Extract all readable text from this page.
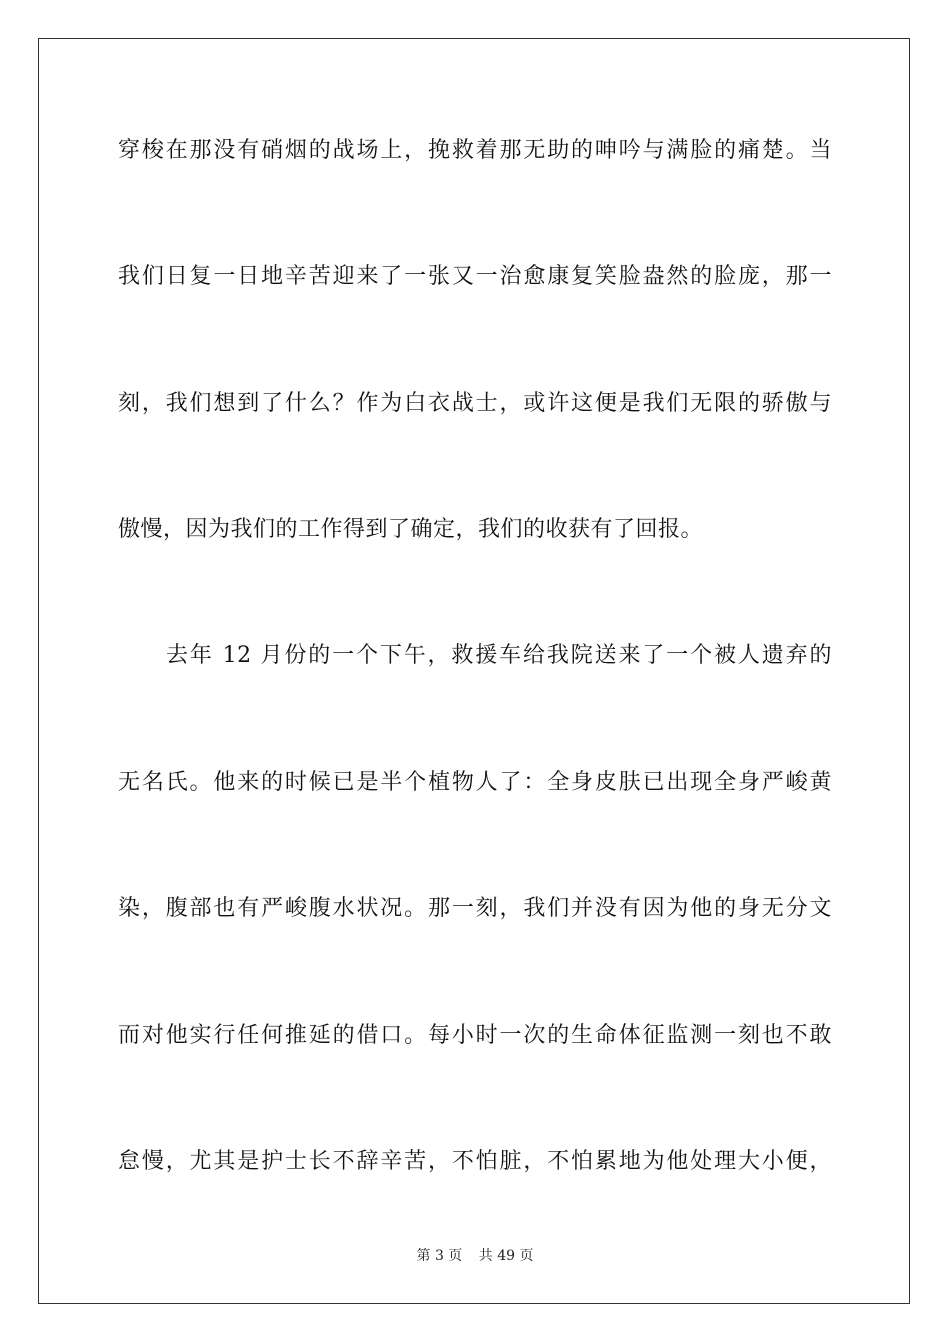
穿梭在那没有硝烟的战场上，挽救着那无助的呻吟与满脸的痛楚。当
我们日复一日地辛苦迎来了一张又一治愈康复笑脸盎然的脸庞，那一
刻，我们想到了什么？作为白衣战士，或许这便是我们无限的骄傲与
傲慢，因为我们的工作得到了确定，我们的收获有了回报。
去年 12 月份的一个下午，救援车给我院送来了一个被人遗弃的
无名氏。他来的时候已是半个植物人了：全身皮肤已出现全身严峻黄
染，腹部也有严峻腹水状况。那一刻，我们并没有因为他的身无分文
而对他实行任何推延的借口。每小时一次的生命体征监测一刻也不敢
怠慢，尤其是护士长不辞辛苦，不怕脏，不怕累地为他处理大小便，
第 3 页 共 49 页
